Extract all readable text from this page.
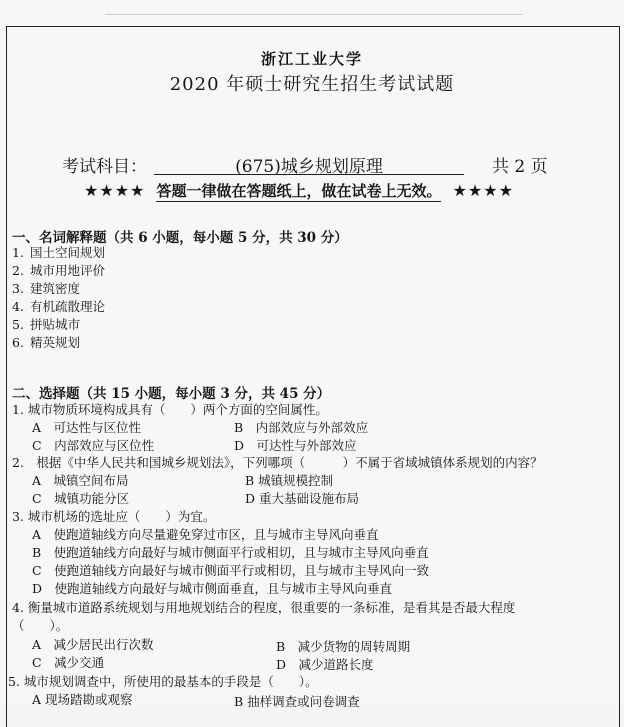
浙江工业大学
2020 年硕士研究生招生考试试题
考试科目：	(675)城乡规划原理	共 2 页
★★★★ 答题一律做在答题纸上，做在试卷上无效。 ★★★★
一、名词解释题（共 6 小题，每小题 5 分，共 30 分）
1. 国土空间规划
2. 城市用地评价
3. 建筑密度
4. 有机疏散理论
5. 拼贴城市
6. 精英规划
二、选择题（共 15 小题，每小题 3 分，共 45 分）
1. 城市物质环境构成具有（　　）两个方面的空间属性。
A　可达性与区位性	B　内部效应与外部效应
C　内部效应与区位性	D　可达性与外部效应
2.　根据《中华人民共和国城乡规划法》，下列哪项（　　　）不属于省域城镇体系规划的内容？
A　城镇空间布局	B 城镇规模控制
C　城镇功能分区	D 重大基础设施布局
3. 城市机场的选址应（　　）为宜。
A　使跑道轴线方向尽量避免穿过市区，且与城市主导风向垂直
B　使跑道轴线方向最好与城市侧面平行或相切，且与城市主导风向垂直
C　使跑道轴线方向最好与城市侧面平行或相切，且与城市主导风向一致
D　使跑道轴线方向最好与城市侧面垂直，且与城市主导风向垂直
4. 衡量城市道路系统规划与用地规划结合的程度，很重要的一条标准，是看其是否最大程度
（　　）。
A　减少居民出行次数	B　减少货物的周转周期
C　减少交通	D　减少道路长度
5. 城市规划调查中，所使用的最基本的手段是（　　）。
A 现场踏勘或观察	B 抽样调查或问卷调查
